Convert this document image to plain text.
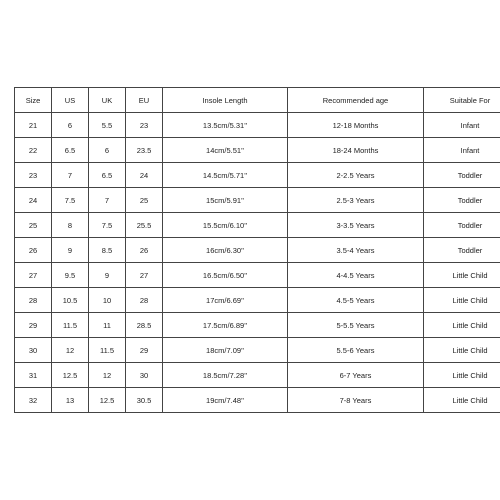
Size	US	UK	EU	Insole Length	Recommended age	Suitable For
21	6	5.5	23	13.5cm/5.31''	12-18 Months	Infant
22	6.5	6	23.5	14cm/5.51''	18-24 Months	Infant
23	7	6.5	24	14.5cm/5.71''	2-2.5 Years	Toddler
24	7.5	7	25	15cm/5.91''	2.5-3 Years	Toddler
25	8	7.5	25.5	15.5cm/6.10''	3-3.5 Years	Toddler
26	9	8.5	26	16cm/6.30''	3.5-4 Years	Toddler
27	9.5	9	27	16.5cm/6.50''	4-4.5 Years	Little Child
28	10.5	10	28	17cm/6.69''	4.5-5 Years	Little Child
29	11.5	11	28.5	17.5cm/6.89''	5-5.5 Years	Little Child
30	12	11.5	29	18cm/7.09''	5.5-6 Years	Little Child
31	12.5	12	30	18.5cm/7.28''	6-7 Years	Little Child
32	13	12.5	30.5	19cm/7.48''	7-8 Years	Little Child
